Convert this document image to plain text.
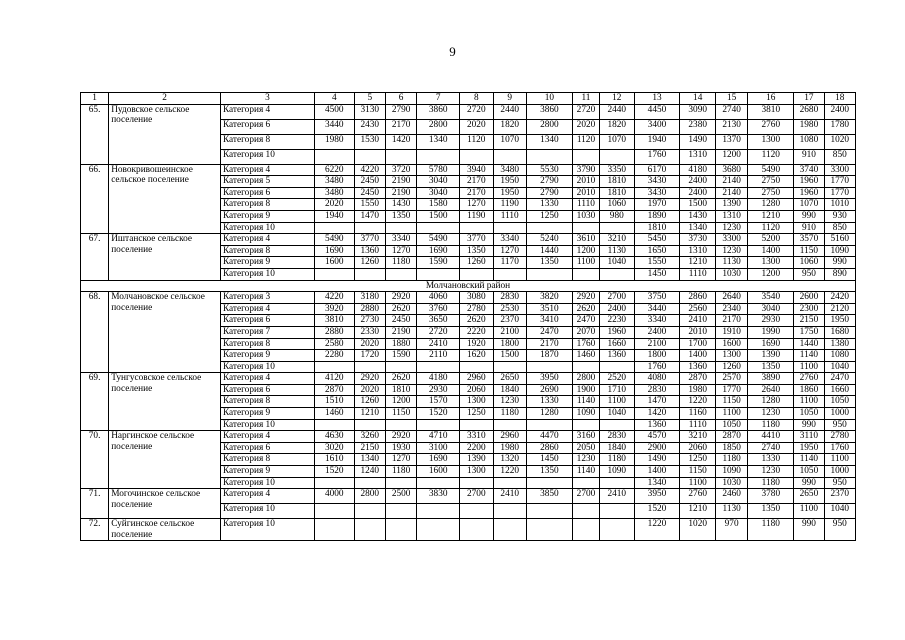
9
1	2	3	4	5	6	7	8	9	10	11	12	13	14	15	16	17	18
65.	Пудовское сельское поселение	Категория 4	4500	3130	2790	3860	2720	2440	3860	2720	2440	4450	3090	2740	3810	2680	2400
		Категория 6	3440	2430	2170	2800	2020	1820	2800	2020	1820	3400	2380	2130	2760	1980	1780
		Категория 8	1980	1530	1420	1340	1120	1070	1340	1120	1070	1940	1490	1370	1300	1080	1020
		Категория 10										1760	1310	1200	1120	910	850
66.	Новокривошеинское сельское поселение	Категория 4	6220	4220	3720	5780	3940	3480	5530	3790	3350	6170	4180	3680	5490	3740	3300
		Категория 5	3480	2450	2190	3040	2170	1950	2790	2010	1810	3430	2400	2140	2750	1960	1770
		Категория 6	3480	2450	2190	3040	2170	1950	2790	2010	1810	3430	2400	2140	2750	1960	1770
		Категория 8	2020	1550	1430	1580	1270	1190	1330	1110	1060	1970	1500	1390	1280	1070	1010
		Категория 9	1940	1470	1350	1500	1190	1110	1250	1030	980	1890	1430	1310	1210	990	930
		Категория 10										1810	1340	1230	1120	910	850
67.	Иштанское сельское поселение	Категория 4	5490	3770	3340	5490	3770	3340	5240	3610	3210	5450	3730	3300	5200	3570	5160
		Категория 8	1690	1360	1270	1690	1350	1270	1440	1200	1130	1650	1310	1230	1400	1150	1090
		Категория 9	1600	1260	1180	1590	1260	1170	1350	1100	1040	1550	1210	1130	1300	1060	990
		Категория 10										1450	1110	1030	1200	950	890
Молчановский район																	
68.	Молчановское сельское поселение	Категория 3	4220	3180	2920	4060	3080	2830	3820	2920	2700	3750	2860	2640	3540	2600	2420
		Категория 4	3920	2880	2620	3760	2780	2530	3510	2620	2400	3440	2560	2340	3040	2300	2120
		Категория 6	3810	2730	2450	3650	2620	2370	3410	2470	2230	3340	2410	2170	2930	2150	1950
		Категория 7	2880	2330	2190	2720	2220	2100	2470	2070	1960	2400	2010	1910	1990	1750	1680
		Категория 8	2580	2020	1880	2410	1920	1800	2170	1760	1660	2100	1700	1600	1690	1440	1380
		Категория 9	2280	1720	1590	2110	1620	1500	1870	1460	1360	1800	1400	1300	1390	1140	1080
		Категория 10										1760	1360	1260	1350	1100	1040
69.	Тунгусовское сельское поселение	Категория 4	4120	2920	2620	4180	2960	2650	3950	2800	2520	4080	2870	2570	3890	2760	2470
		Категория 6	2870	2020	1810	2930	2060	1840	2690	1900	1710	2830	1980	1770	2640	1860	1660
		Категория 8	1510	1260	1200	1570	1300	1230	1330	1140	1100	1470	1220	1150	1280	1100	1050
		Категория 9	1460	1210	1150	1520	1250	1180	1280	1090	1040	1420	1160	1100	1230	1050	1000
		Категория 10										1360	1110	1050	1180	990	950
70.	Наргинское сельское поселение	Категория 4	4630	3260	2920	4710	3310	2960	4470	3160	2830	4570	3210	2870	4410	3110	2780
		Категория 6	3020	2150	1930	3100	2200	1980	2860	2050	1840	2900	2060	1850	2740	1950	1760
		Категория 8	1610	1340	1270	1690	1390	1320	1450	1230	1180	1490	1250	1180	1330	1140	1100
		Категория 9	1520	1240	1180	1600	1300	1220	1350	1140	1090	1400	1150	1090	1230	1050	1000
		Категория 10										1340	1100	1030	1180	990	950
71.	Могочинское сельское поселение	Категория 4	4000	2800	2500	3830	2700	2410	3850	2700	2410	3950	2760	2460	3780	2650	2370
		Категория 10										1520	1210	1130	1350	1100	1040
72.	Суйгинское сельское поселение	Категория 10										1220	1020	970	1180	990	950
